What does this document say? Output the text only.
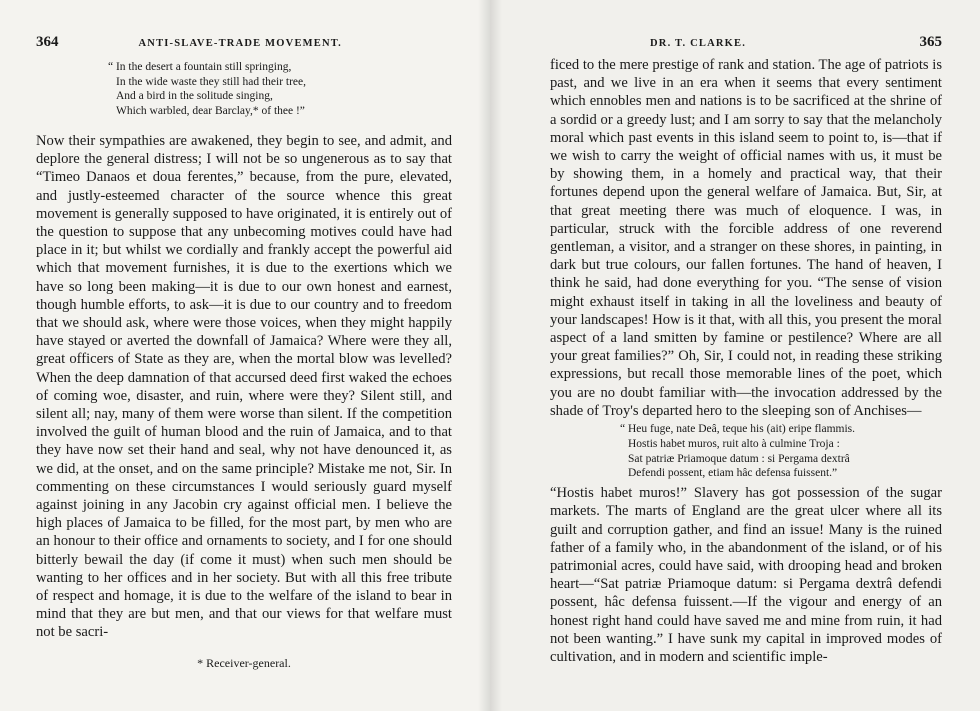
364	ANTI-SLAVE-TRADE MOVEMENT.
“ In the desert a fountain still springing,
In the wide waste they still had their tree,
And a bird in the solitude singing,
Which warbled, dear Barclay,* of thee !”

Now their sympathies are awakened, they begin to see, and admit, and deplore the general distress; I will not be so ungenerous as to say that “Timeo Danaos et doua ferentes,” because, from the pure, elevated, and justly-esteemed character of the source whence this great movement is generally supposed to have originated, it is entirely out of the question to suppose that any unbecoming motives could have had place in it; but whilst we cordially and frankly accept the powerful aid which that movement furnishes, it is due to the exertions which we have so long been making—it is due to our own honest and earnest, though humble efforts, to ask—it is due to our country and to freedom that we should ask, where were those voices, when they might happily have stayed or averted the downfall of Jamaica? Where were they all, great officers of State as they are, when the mortal blow was levelled? When the deep damnation of that accursed deed first waked the echoes of coming woe, disaster, and ruin, where were they? Silent still, and silent all; nay, many of them were worse than silent. If the competition involved the guilt of human blood and the ruin of Jamaica, and to that they have now set their hand and seal, why not have denounced it, as we did, at the onset, and on the same principle? Mistake me not, Sir. In commenting on these circumstances I would seriously guard myself against joining in any Jacobin cry against official men. I believe the high places of Jamaica to be filled, for the most part, by men who are an honour to their office and ornaments to society, and I for one should bitterly bewail the day (if come it must) when such men should be wanting to her offices and in her society. But with all this free tribute of respect and homage, it is due to the welfare of the island to bear in mind that they are but men, and that our views for that welfare must not be sacri-

* Receiver-general.
DR. T. CLARKE.	365

ficed to the mere prestige of rank and station. The age of patriots is past, and we live in an era when it seems that every sentiment which ennobles men and nations is to be sacrificed at the shrine of a sordid or a greedy lust; and I am sorry to say that the melancholy moral which past events in this island seem to point to, is—that if we wish to carry the weight of official names with us, it must be by showing them, in a homely and practical way, that their fortunes depend upon the general welfare of Jamaica. But, Sir, at that great meeting there was much of eloquence. I was, in particular, struck with the forcible address of one reverend gentleman, a visitor, and a stranger on these shores, in painting, in dark but true colours, our fallen fortunes. The hand of heaven, I think he said, had done everything for you. “The sense of vision might exhaust itself in taking in all the loveliness and beauty of your landscapes! How is it that, with all this, you present the moral aspect of a land smitten by famine or pestilence? Where are all your great families?” Oh, Sir, I could not, in reading these striking expressions, but recall those memorable lines of the poet, which you are no doubt familiar with—the invocation addressed by the shade of Troy's departed hero to the sleeping son of Anchises—

“ Heu fuge, nate Deâ, teque his (ait) eripe flammis.
Hostis habet muros, ruit alto à culmine Troja :
Sat patriæ Priamoque datum : si Pergama dextrâ
Defendi possent, etiam hâc defensa fuissent.”

“Hostis habet muros!” Slavery has got possession of the sugar markets. The marts of England are the great ulcer where all its guilt and corruption gather, and find an issue! Many is the ruined father of a family who, in the abandonment of the island, or of his patrimonial acres, could have said, with drooping head and broken heart—“Sat patriæ Priamoque datum: si Pergama dextrâ defendi possent, hâc defensa fuissent.—If the vigour and energy of an honest right hand could have saved me and mine from ruin, it had not been wanting.” I have sunk my capital in improved modes of cultivation, and in modern and scientific imple-
